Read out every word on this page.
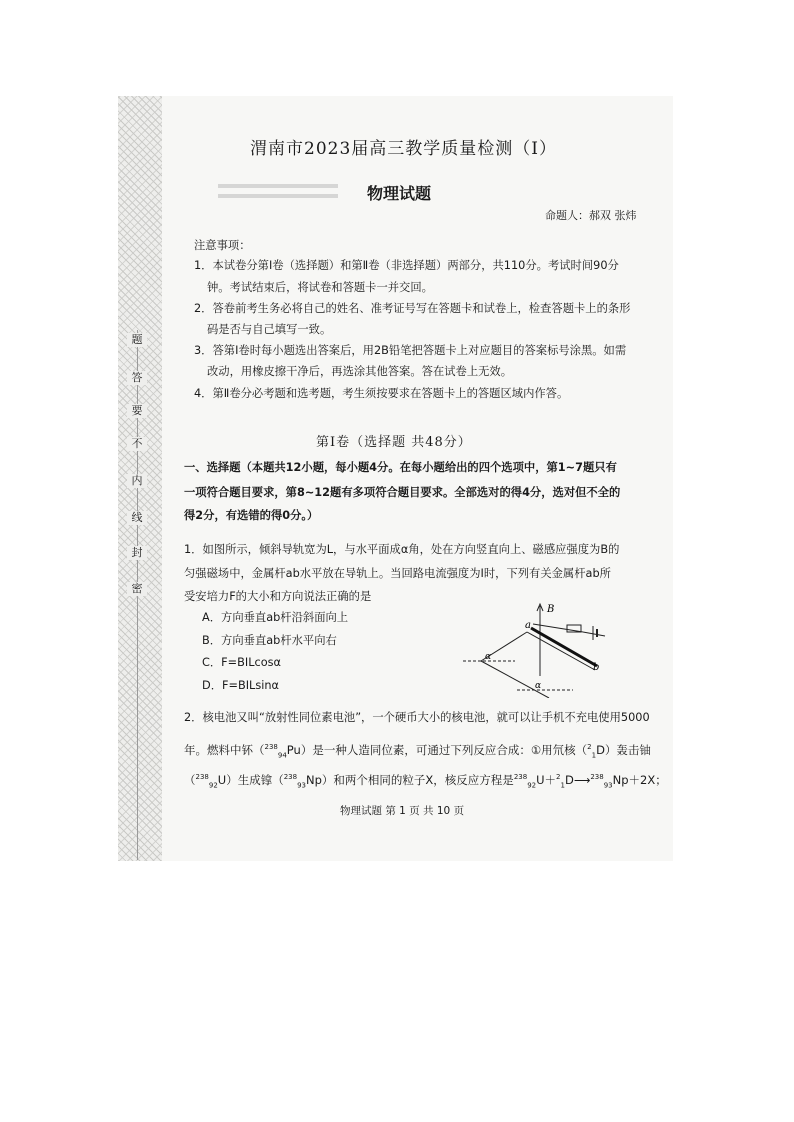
题
答
要
不
内
线
封
密
渭南市2023届高三教学质量检测（Ⅰ）
物理试题
命题人：郝双 张炜
注意事项：
1．本试卷分第Ⅰ卷（选择题）和第Ⅱ卷（非选择题）两部分，共110分。考试时间90分
钟。考试结束后，将试卷和答题卡一并交回。
2．答卷前考生务必将自己的姓名、准考证号写在答题卡和试卷上，检查答题卡上的条形
码是否与自己填写一致。
3．答第Ⅰ卷时每小题选出答案后，用2B铅笔把答题卡上对应题目的答案标号涂黑。如需
改动，用橡皮擦干净后，再选涂其他答案。答在试卷上无效。
4．第Ⅱ卷分必考题和选考题，考生须按要求在答题卡上的答题区域内作答。
第Ⅰ卷（选择题 共48分）
一、选择题（本题共12小题，每小题4分。在每小题给出的四个选项中，第1~7题只有
一项符合题目要求，第8~12题有多项符合题目要求。全部选对的得4分，选对但不全的
得2分，有选错的得0分。）
1．如图所示，倾斜导轨宽为L，与水平面成α角，处在方向竖直向上、磁感应强度为B的
匀强磁场中，金属杆ab水平放在导轨上。当回路电流强度为I时，下列有关金属杆ab所
受安培力F的大小和方向说法正确的是
A．方向垂直ab杆沿斜面向上
B．方向垂直ab杆水平向右
C．F=BILcosα
D．F=BILsinα
B
a
b
α
α
2．核电池又叫“放射性同位素电池”，一个硬币大小的核电池，就可以让手机不充电使用5000
年。燃料中钚（$^{238}_{94}$Pu）是一种人造同位素，可通过下列反应合成：①用氘核（$^2_1$D）轰击铀
（$^{238}_{92}$U）生成镎（$^{238}_{93}$Np）和两个相同的粒子X，核反应方程是$^{238}_{92}$U＋$^2_1$D⟶$^{238}_{93}$Np＋2X；
物理试题 第 1 页 共 10 页
